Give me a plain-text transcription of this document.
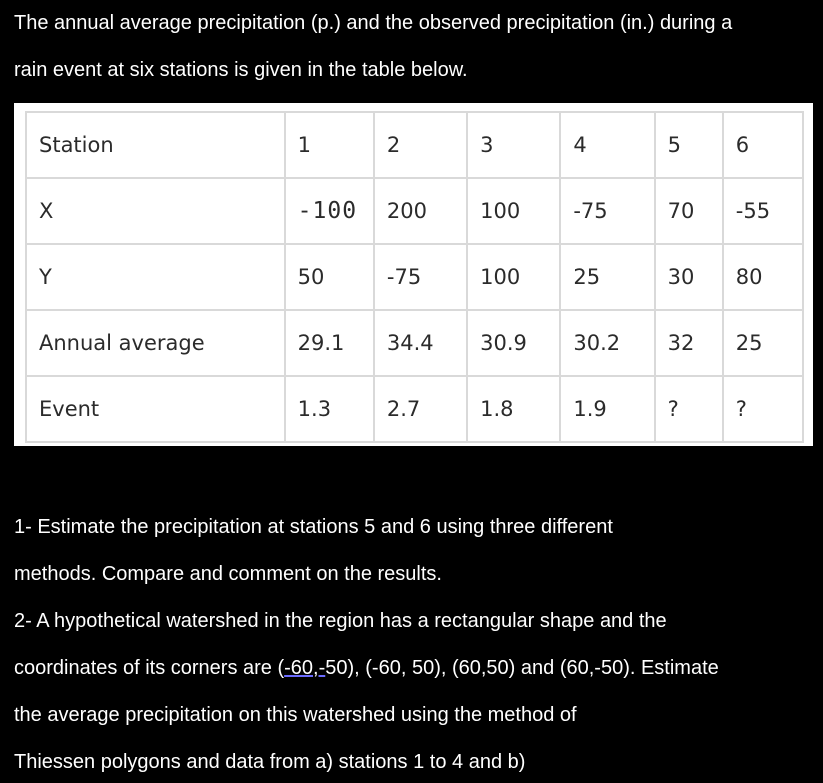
The annual average precipitation (p.) and the observed precipitation (in.) during a

rain event at six stations is given in the table below.

Station	1	2	3	4	5	6
X	-100	200	100	-75	70	-55
Y	50	-75	100	25	30	80
Annual average	29.1	34.4	30.9	30.2	32	25
Event	1.3	2.7	1.8	1.9	?	?

1- Estimate the precipitation at stations 5 and 6 using three different

methods. Compare and comment on the results.

2- A hypothetical watershed in the region has a rectangular shape and the

coordinates of its corners are (-60,-50), (-60, 50), (60,50) and (60,-50). Estimate

the average precipitation on this watershed using the method of

Thiessen polygons and data from a) stations 1 to 4 and b)
